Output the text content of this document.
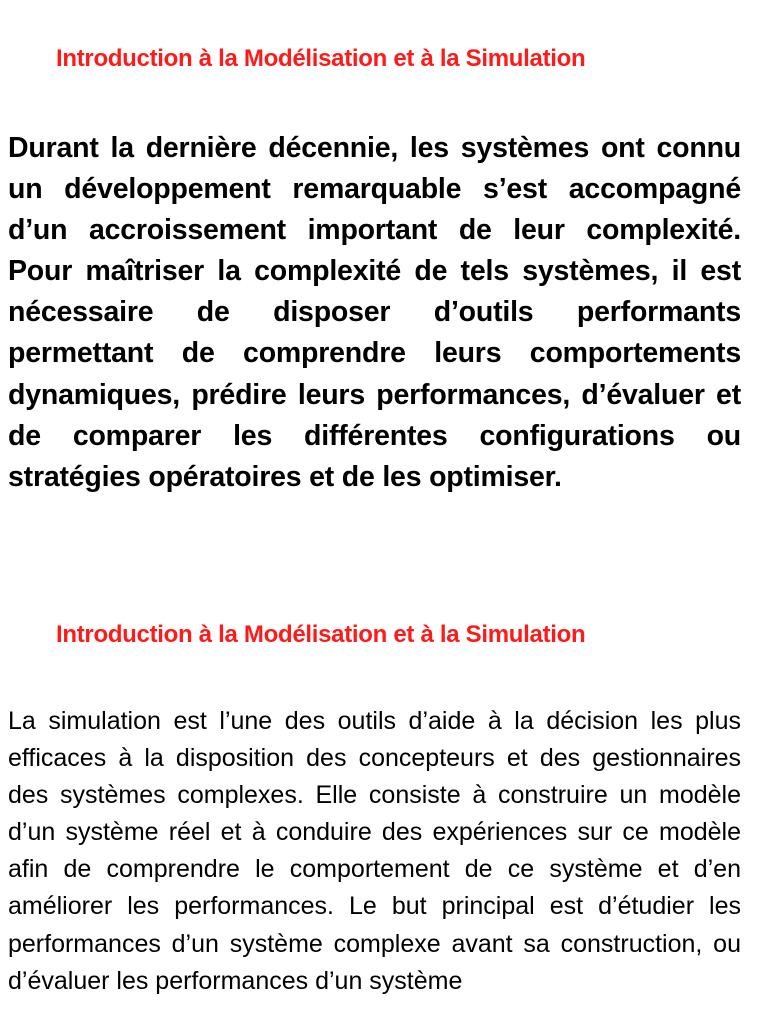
Introduction à la Modélisation et à la Simulation

Durant la dernière décennie, les systèmes ont connu un développement remarquable s’est accompagné d’un accroissement important de leur complexité. Pour maîtriser la complexité de tels systèmes, il est nécessaire de disposer d’outils performants permettant de comprendre leurs comportements dynamiques, prédire leurs performances, d’évaluer et de comparer les différentes configurations ou stratégies opératoires et de les optimiser.

Introduction à la Modélisation et à la Simulation

La simulation est l’une des outils d’aide à la décision les plus efficaces à la disposition des concepteurs et des gestionnaires des systèmes complexes. Elle consiste à construire un modèle d’un système réel et à conduire des expériences sur ce modèle afin de comprendre le comportement de ce système et d’en améliorer les performances. Le but principal est d’étudier les performances d’un système complexe avant sa construction, ou d’évaluer les performances d’un système
